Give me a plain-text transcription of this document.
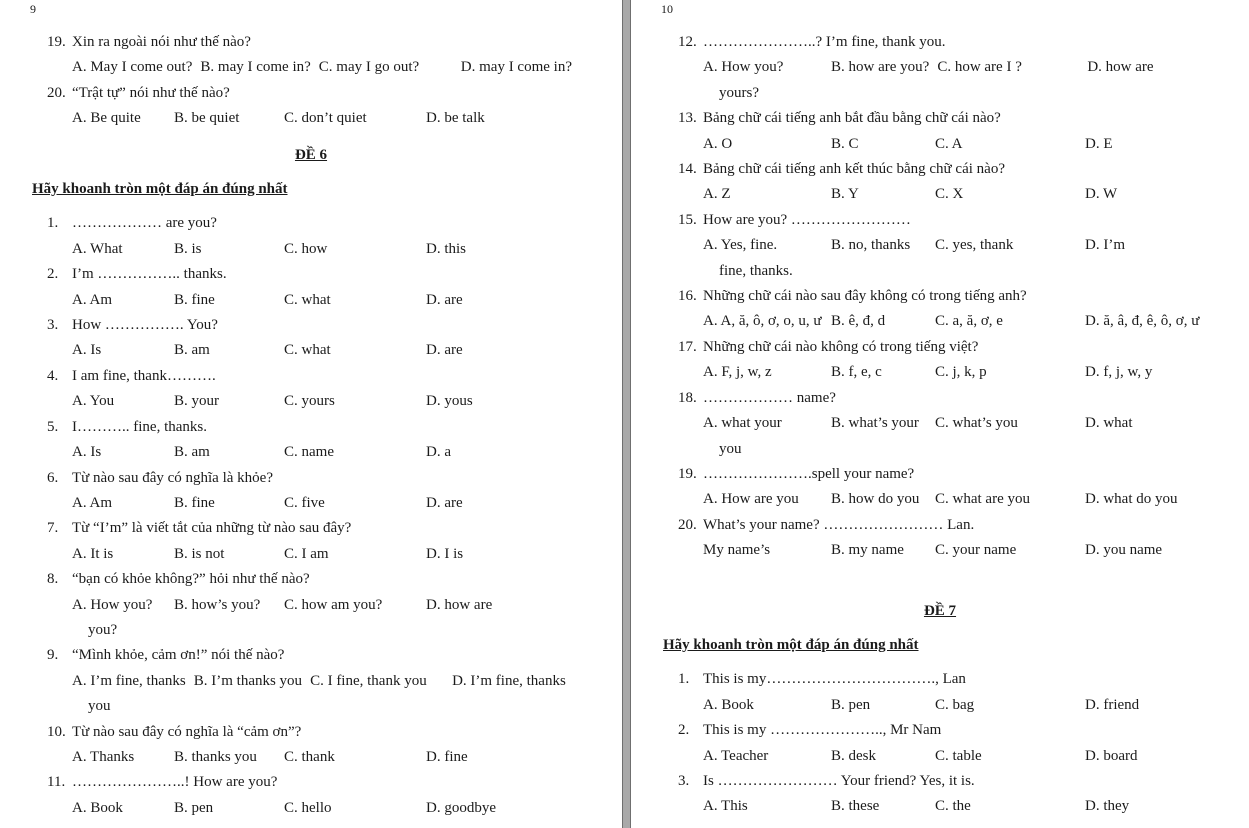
9
19. Xin ra ngoài nói như thế nào?
A. May I come out? B. may I come in? C. may I go out?	D. may I come in?
20. “Trật tự” nói như thế nào?
A. Be quite	B. be quiet	C. don’t quiet	D. be talk
ĐỀ 6
Hãy khoanh tròn một đáp án đúng nhất
1. ……………… are you?
A. What	B. is	C. how	D. this
2. I’m …………….. thanks.
A. Am	B. fine	C. what	D. are
3. How ……………. You?
A. Is	B. am	C. what	D. are
4. I am fine, thank……….
A. You	B. your	C. yours	D. yous
5. I……….. fine, thanks.
A. Is	B. am	C. name	D. a
6. Từ nào sau đây có nghĩa là khỏe?
A. Am	B. fine	C. five	D. are
7. Từ “I’m” là viết tắt của những từ nào sau đây?
A. It is	B. is not	C. I am	D. I is
8. “bạn có khỏe không?” hỏi như thế nào?
A. How you?	B. how’s you?	C. how am you?	D. how are
you?
9. “Mình khỏe, cảm ơn!” nói thế nào?
A. I’m fine, thanks B. I’m thanks you C. I fine, thank you	D. I’m fine, thanks
you
10. Từ nào sau đây có nghĩa là “cảm ơn”?
A. Thanks	B. thanks you	C. thank	D. fine
11. …………………..! How are you?
A. Book	B. pen	C. hello	D. goodbye
10
12. …………………..? I’m fine, thank you.
A. How you?	B. how are you? C. how are I ?	D. how are
yours?
13. Bảng chữ cái tiếng anh bắt đầu bằng chữ cái nào?
A. O	B. C	C. A	D. E
14. Bảng chữ cái tiếng anh kết thúc bằng chữ cái nào?
A. Z	B. Y	C. X	D. W
15. How are you? ……………………
A. Yes, fine.	B. no, thanks	C. yes, thank	D. I’m
fine, thanks.
16. Những chữ cái nào sau đây không có trong tiếng anh?
A. A, ă, ô, ơ, o, u, ư B. ê, đ, d	C. a, ă, ơ, e	D. ă, â, đ, ê, ô, ơ, ư
17. Những chữ cái nào không có trong tiếng việt?
A. F, j, w, z	B. f, e, c	C. j, k, p	D. f, j, w, y
18. ……………… name?
A. what your	B. what’s your	C. what’s you	D. what
you
19. ………………….spell your name?
A. How are you	B. how do you	C. what are you	D. what do you
20. What’s your name? …………………… Lan.
My name’s	B. my name	C. your name	D. you name
ĐỀ 7
Hãy khoanh tròn một đáp án đúng nhất
1. This is my……………………………., Lan
A. Book	B. pen	C. bag	D. friend
2. This is my ………………….., Mr Nam
A. Teacher	B. desk	C. table	D. board
3. Is …………………… Your friend? Yes, it is.
A. This	B. these	C. the	D. they
